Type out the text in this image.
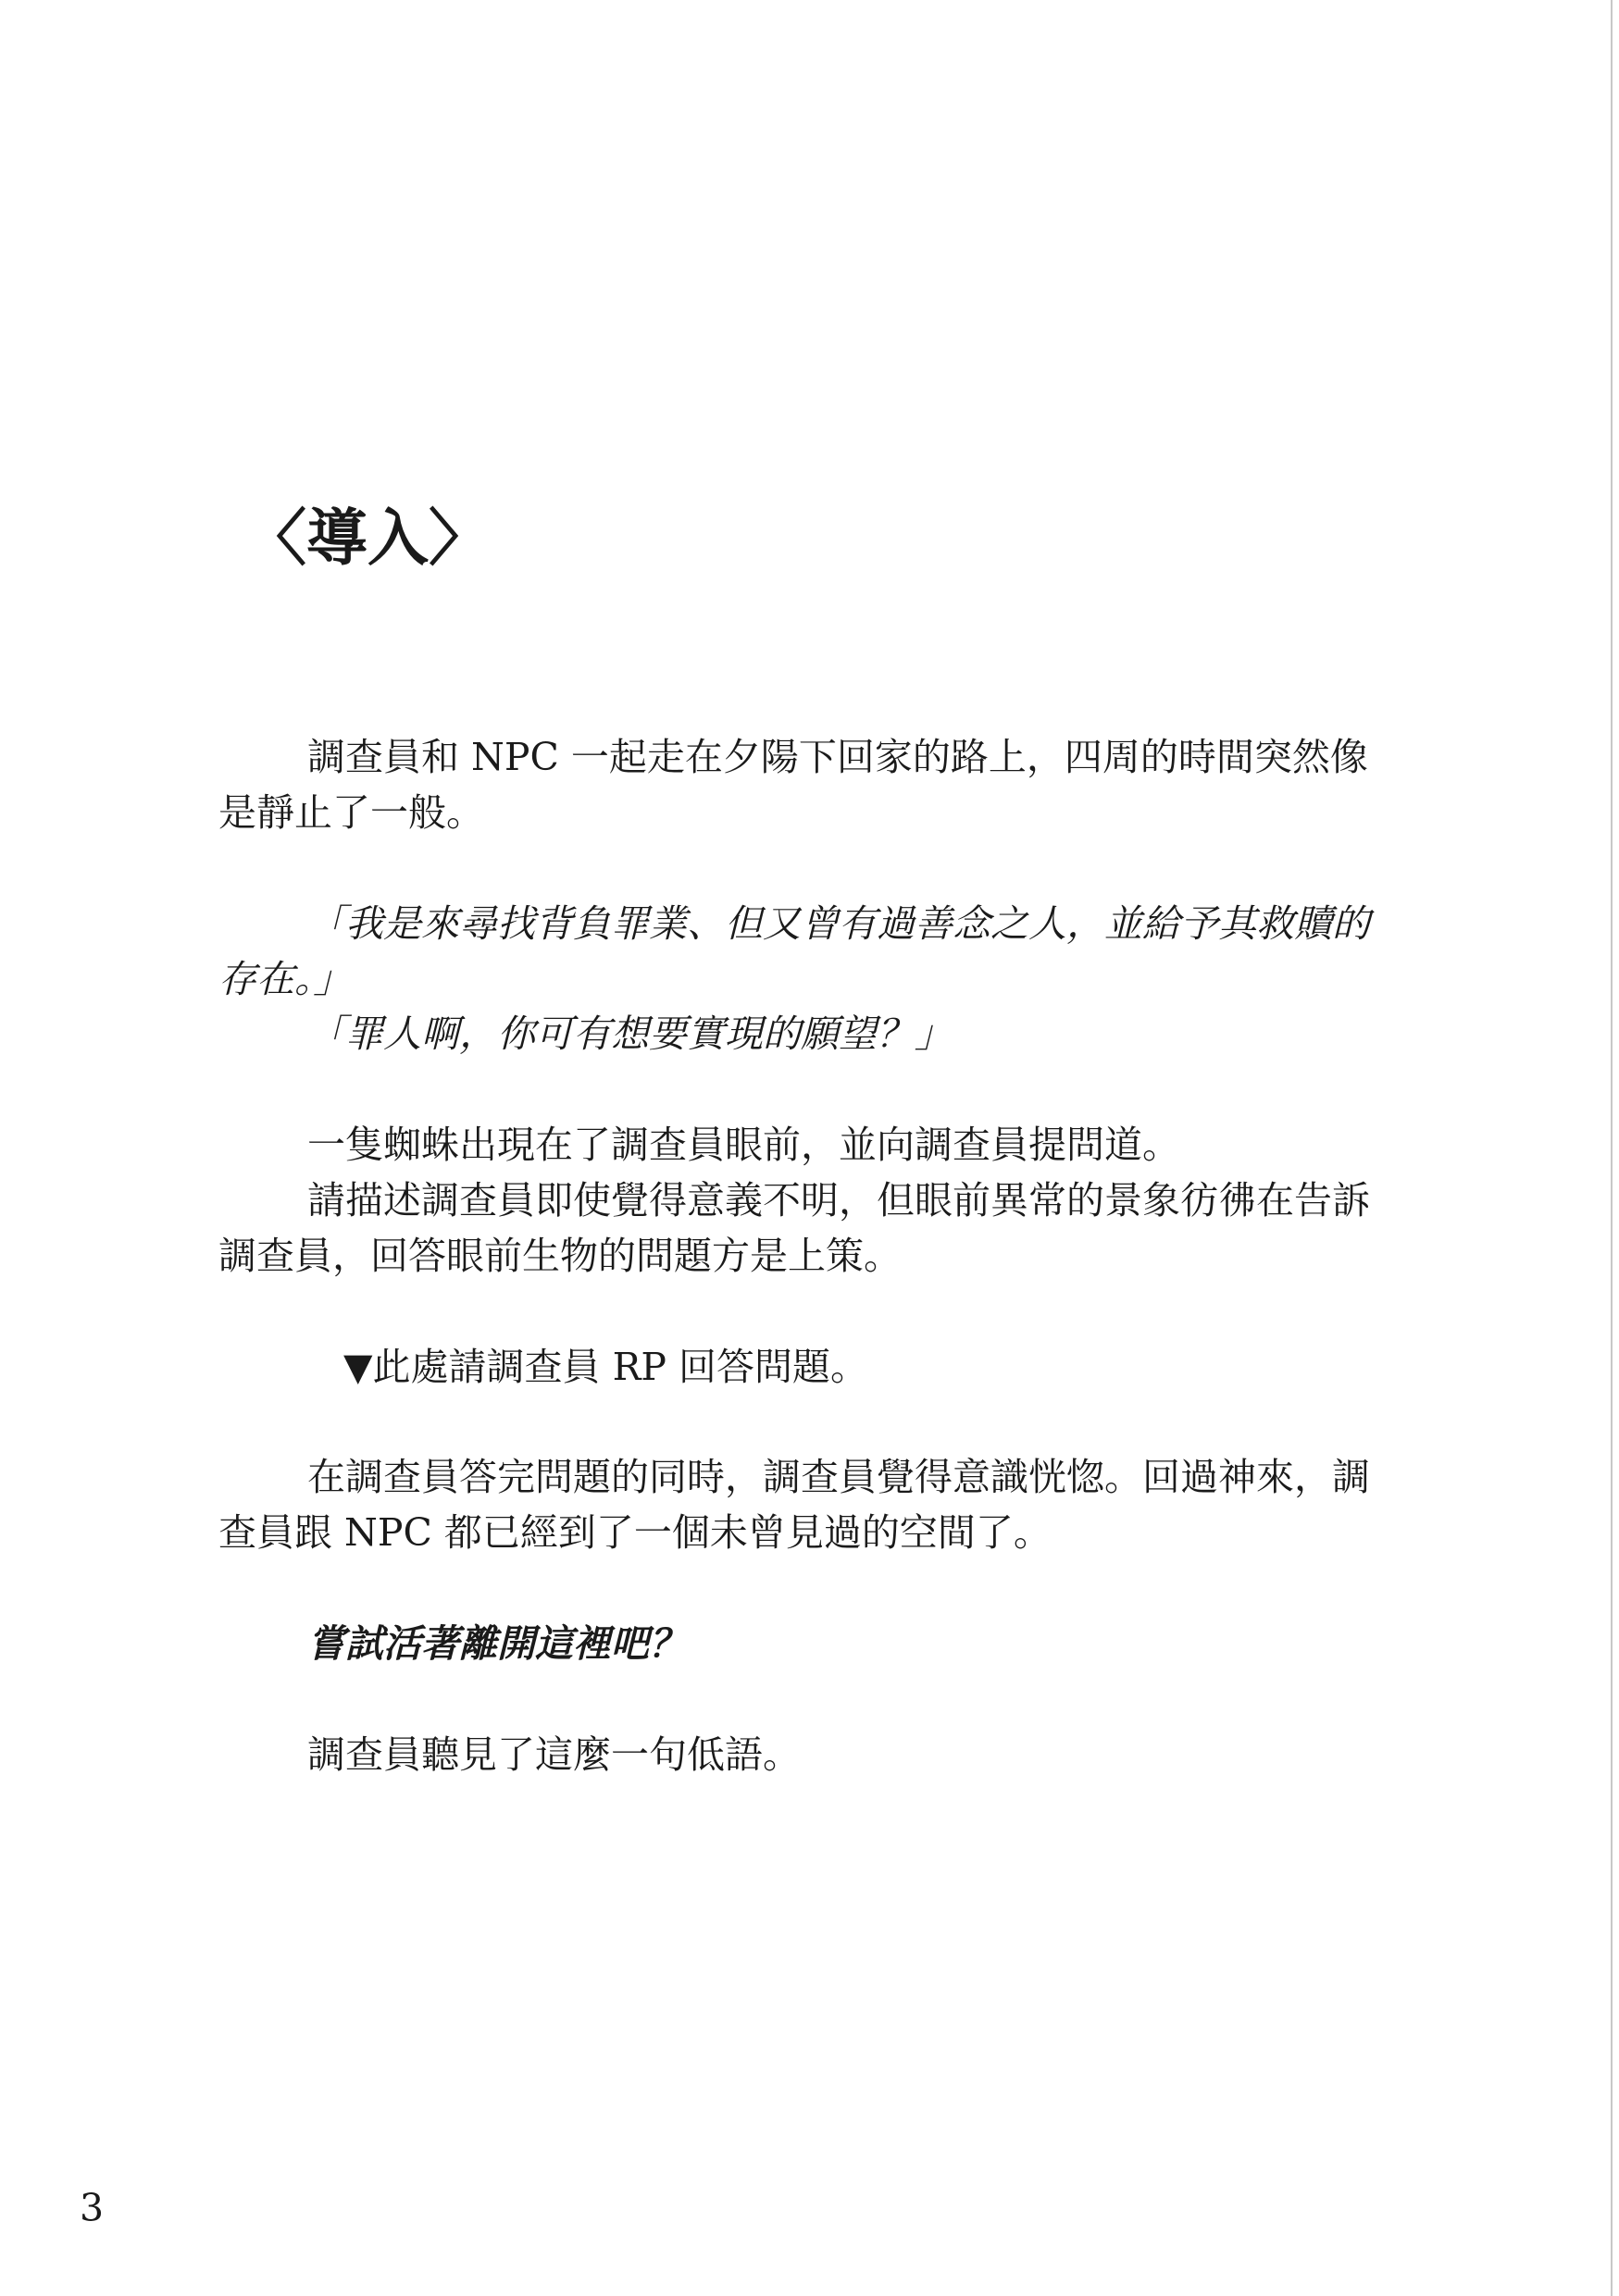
〈導入〉
調查員和 NPC 一起走在夕陽下回家的路上，四周的時間突然像
是靜止了一般。
「我是來尋找背負罪業、但又曾有過善念之人，並給予其救贖的
存在。」
「罪人啊，你可有想要實現的願望？」
一隻蜘蛛出現在了調查員眼前，並向調查員提問道。
請描述調查員即使覺得意義不明，但眼前異常的景象彷彿在告訴
調查員，回答眼前生物的問題方是上策。
▼此處請調查員 RP 回答問題。
在調查員答完問題的同時，調查員覺得意識恍惚。回過神來，調
查員跟 NPC 都已經到了一個未曾見過的空間了。
嘗試活著離開這裡吧？
調查員聽見了這麼一句低語。
3
